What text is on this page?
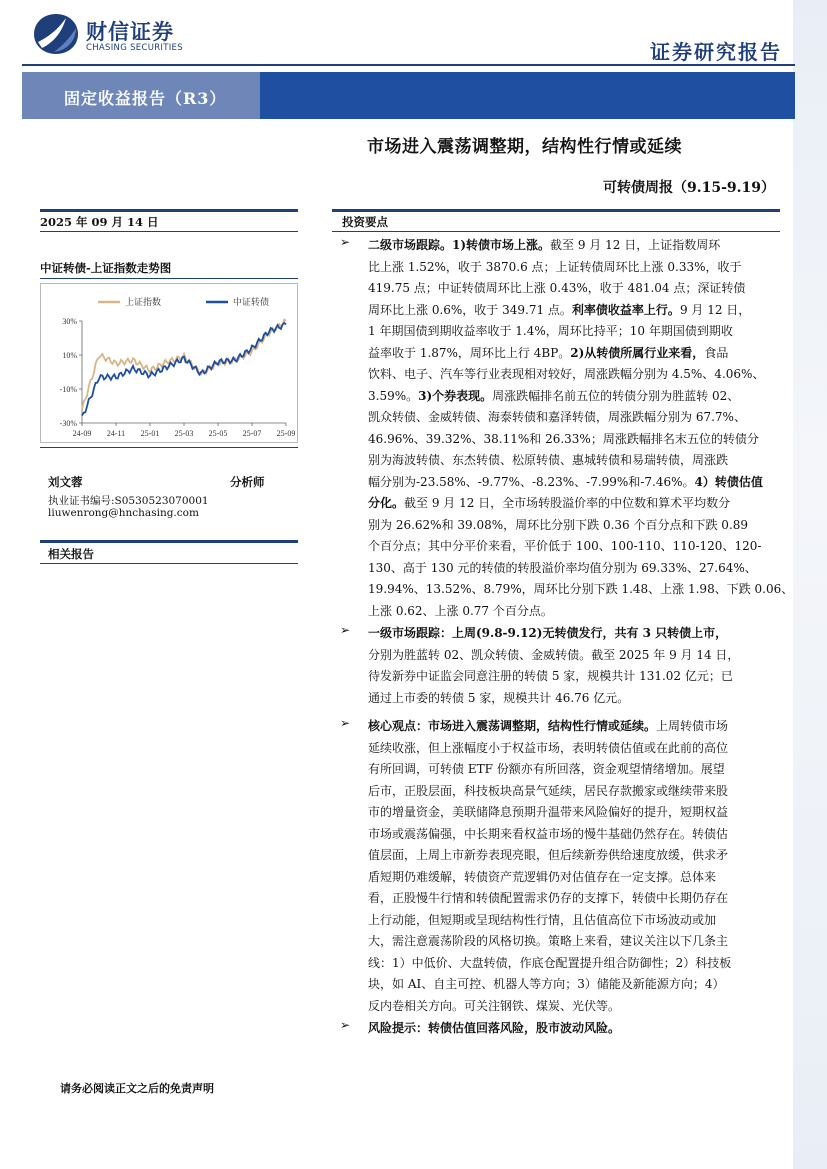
财信证券
CHASING SECURITIES	证券研究报告
固定收益报告（R3）
市场进入震荡调整期，结构性行情或延续
可转债周报（9.15-9.19）
2025 年 09 月 14 日
中证转债-上证指数走势图
30%
10%
-10%
-30%
24-09 24-11 25-01 25-03 25-05 25-07 25-09
上证指数	中证转债
刘文蓉	分析师
执业证书编号:S0530523070001
liuwenrong@hnchasing.com
相关报告
投资要点
➢	二级市场跟踪。1)转债市场上涨。截至 9 月 12 日，上证指数周环
比上涨 1.52%，收于 3870.6 点；上证转债周环比上涨 0.33%，收于
419.75 点；中证转债周环比上涨 0.43%，收于 481.04 点；深证转债
周环比上涨 0.6%，收于 349.71 点。利率债收益率上行。9 月 12 日，
1 年期国债到期收益率收于 1.4%，周环比持平；10 年期国债到期收
益率收于 1.87%，周环比上行 4BP。2)从转债所属行业来看，食品
饮料、电子、汽车等行业表现相对较好，周涨跌幅分别为 4.5%、4.06%、
3.59%。3)个券表现。周涨跌幅排名前五位的转债分别为胜蓝转 02、
凯众转债、金威转债、海泰转债和嘉泽转债，周涨跌幅分别为 67.7%、
46.96%、39.32%、38.11%和 26.33%；周涨跌幅排名末五位的转债分
别为海波转债、东杰转债、松原转债、惠城转债和易瑞转债，周涨跌
幅分别为-23.58%、-9.77%、-8.23%、-7.99%和-7.46%。4）转债估值
分化。截至 9 月 12 日，全市场转股溢价率的中位数和算术平均数分
别为 26.62%和 39.08%，周环比分别下跌 0.36 个百分点和下跌 0.89
个百分点；其中分平价来看，平价低于 100、100-110、110-120、120-
130、高于 130 元的转债的转股溢价率均值分别为 69.33%、27.64%、
19.94%、13.52%、8.79%，周环比分别下跌 1.48、上涨 1.98、下跌 0.06、
上涨 0.62、上涨 0.77 个百分点。
➢	一级市场跟踪：上周(9.8-9.12)无转债发行，共有 3 只转债上市，
分别为胜蓝转 02、凯众转债、金威转债。截至 2025 年 9 月 14 日，
待发新券中证监会同意注册的转债 5 家，规模共计 131.02 亿元；已
通过上市委的转债 5 家，规模共计 46.76 亿元。
➢	核心观点：市场进入震荡调整期，结构性行情或延续。上周转债市场
延续收涨，但上涨幅度小于权益市场，表明转债估值或在此前的高位
有所回调，可转债 ETF 份额亦有所回落，资金观望情绪增加。展望
后市，正股层面，科技板块高景气延续，居民存款搬家或继续带来股
市的增量资金，美联储降息预期升温带来风险偏好的提升，短期权益
市场或震荡偏强，中长期来看权益市场的慢牛基础仍然存在。转债估
值层面，上周上市新券表现亮眼，但后续新券供给速度放缓，供求矛
盾短期仍难缓解，转债资产荒逻辑仍对估值存在一定支撑。总体来
看，正股慢牛行情和转债配置需求仍存的支撑下，转债中长期仍存在
上行动能，但短期或呈现结构性行情，且估值高位下市场波动或加
大，需注意震荡阶段的风格切换。策略上来看，建议关注以下几条主
线：1）中低价、大盘转债，作底仓配置提升组合防御性；2）科技板
块，如 AI、自主可控、机器人等方向；3）储能及新能源方向；4）
反内卷相关方向。可关注钢铁、煤炭、光伏等。
➢	风险提示：转债估值回落风险，股市波动风险。
请务必阅读正文之后的免责声明
